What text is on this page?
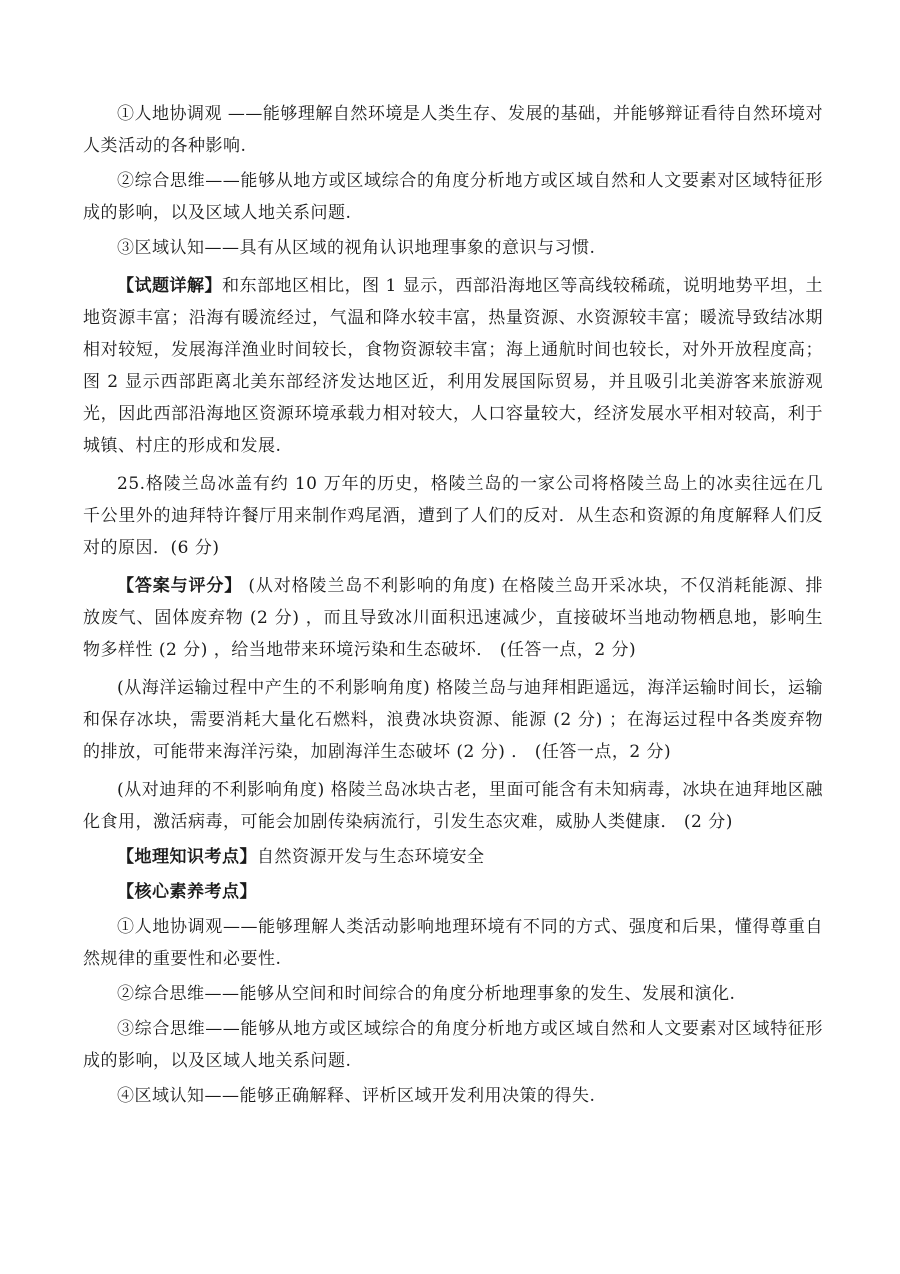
①人地协调观 ——能够理解自然环境是人类生存、发展的基础，并能够辩证看待自然环境对人类活动的各种影响.

②综合思维——能够从地方或区域综合的角度分析地方或区域自然和人文要素对区域特征形成的影响，以及区域人地关系问题.

③区域认知——具有从区域的视角认识地理事象的意识与习惯.

【试题详解】和东部地区相比，图 1 显示，西部沿海地区等高线较稀疏，说明地势平坦，土地资源丰富；沿海有暖流经过，气温和降水较丰富，热量资源、水资源较丰富；暖流导致结冰期相对较短，发展海洋渔业时间较长，食物资源较丰富；海上通航时间也较长，对外开放程度高；图 2 显示西部距离北美东部经济发达地区近，利用发展国际贸易，并且吸引北美游客来旅游观光，因此西部沿海地区资源环境承载力相对较大，人口容量较大，经济发展水平相对较高，利于城镇、村庄的形成和发展.

25.格陵兰岛冰盖有约 10 万年的历史，格陵兰岛的一家公司将格陵兰岛上的冰卖往远在几千公里外的迪拜特许餐厅用来制作鸡尾酒，遭到了人们的反对．从生态和资源的角度解释人们反对的原因．(6 分)

【答案与评分】 (从对格陵兰岛不利影响的角度) 在格陵兰岛开采冰块，不仅消耗能源、排放废气、固体废弃物 (2 分) ，而且导致冰川面积迅速减少，直接破坏当地动物栖息地，影响生物多样性 (2 分) ，给当地带来环境污染和生态破坏． (任答一点，2 分)

(从海洋运输过程中产生的不利影响角度) 格陵兰岛与迪拜相距遥远，海洋运输时间长，运输和保存冰块，需要消耗大量化石燃料，浪费冰块资源、能源 (2 分) ；在海运过程中各类废弃物的排放，可能带来海洋污染，加剧海洋生态破坏 (2 分) ． (任答一点，2 分)

(从对迪拜的不利影响角度) 格陵兰岛冰块古老，里面可能含有未知病毒，冰块在迪拜地区融化食用，激活病毒，可能会加剧传染病流行，引发生态灾难，威胁人类健康． (2 分)

【地理知识考点】自然资源开发与生态环境安全

【核心素养考点】

①人地协调观——能够理解人类活动影响地理环境有不同的方式、强度和后果，懂得尊重自然规律的重要性和必要性.

②综合思维——能够从空间和时间综合的角度分析地理事象的发生、发展和演化.

③综合思维——能够从地方或区域综合的角度分析地方或区域自然和人文要素对区域特征形成的影响，以及区域人地关系问题.

④区域认知——能够正确解释、评析区域开发利用决策的得失.
